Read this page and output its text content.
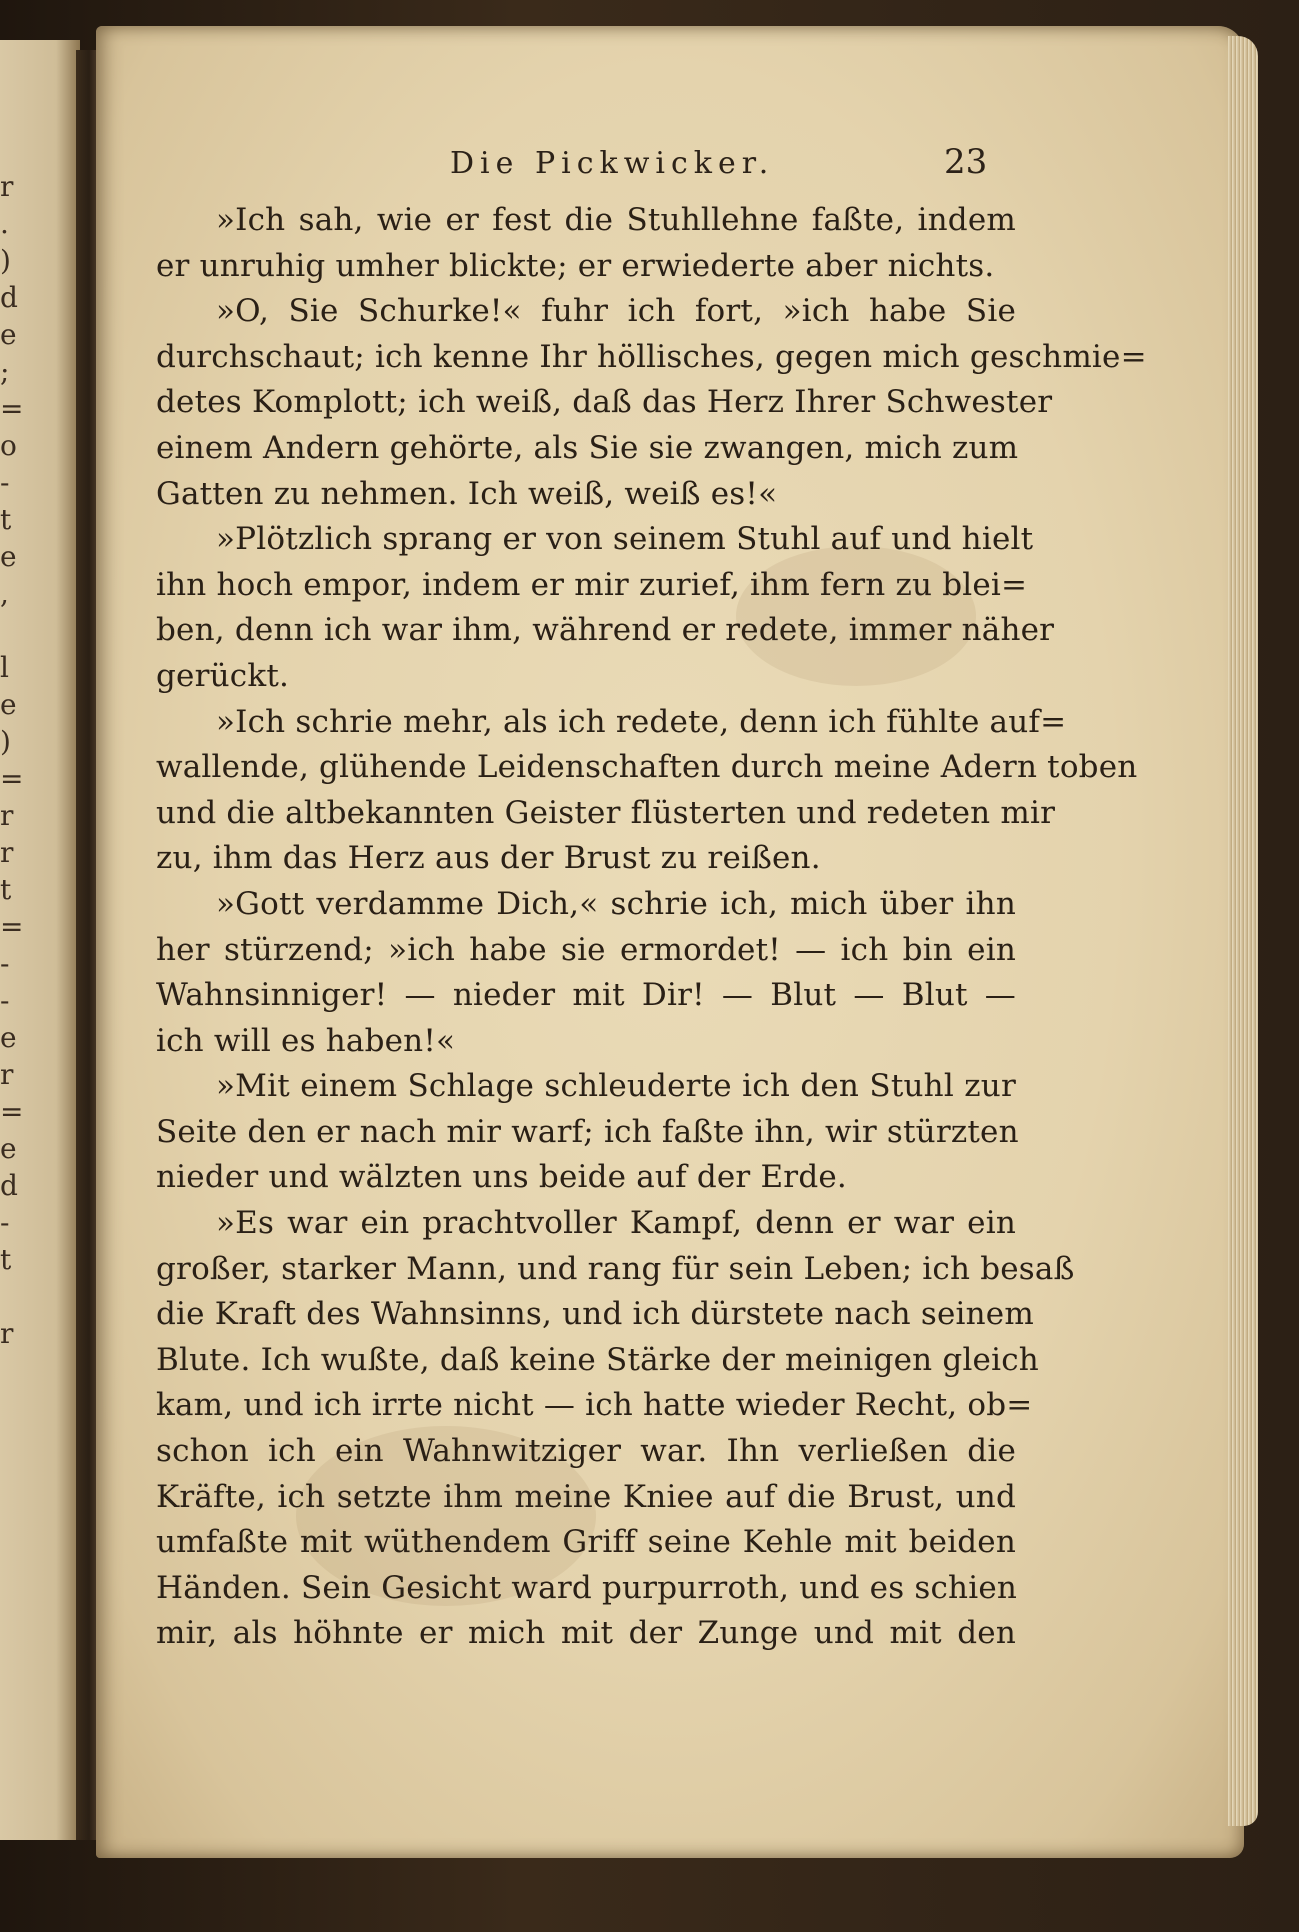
r
.
)
d
e
;
=
o
-
t
e
,
l
e
)
=
r
r
t
=
-
-
e
r
=
e
d
-
t
r
Die Pickwicker.	23
»Ich sah, wie er fest die Stuhllehne faßte, indem
er unruhig umher blickte; er erwiederte aber nichts.
»O, Sie Schurke!« fuhr ich fort, »ich habe Sie
durchschaut; ich kenne Ihr höllisches, gegen mich geschmie=
detes Komplott; ich weiß, daß das Herz Ihrer Schwester
einem Andern gehörte, als Sie sie zwangen, mich zum
Gatten zu nehmen. Ich weiß, weiß es!«
»Plötzlich sprang er von seinem Stuhl auf und hielt
ihn hoch empor, indem er mir zurief, ihm fern zu blei=
ben, denn ich war ihm, während er redete, immer näher
gerückt.
»Ich schrie mehr, als ich redete, denn ich fühlte auf=
wallende, glühende Leidenschaften durch meine Adern toben
und die altbekannten Geister flüsterten und redeten mir
zu, ihm das Herz aus der Brust zu reißen.
»Gott verdamme Dich,« schrie ich, mich über ihn
her stürzend; »ich habe sie ermordet! — ich bin ein
Wahnsinniger! — nieder mit Dir! — Blut — Blut —
ich will es haben!«
»Mit einem Schlage schleuderte ich den Stuhl zur
Seite den er nach mir warf; ich faßte ihn, wir stürzten
nieder und wälzten uns beide auf der Erde.
»Es war ein prachtvoller Kampf, denn er war ein
großer, starker Mann, und rang für sein Leben; ich besaß
die Kraft des Wahnsinns, und ich dürstete nach seinem
Blute. Ich wußte, daß keine Stärke der meinigen gleich
kam, und ich irrte nicht — ich hatte wieder Recht, ob=
schon ich ein Wahnwitziger war. Ihn verließen die
Kräfte, ich setzte ihm meine Kniee auf die Brust, und
umfaßte mit wüthendem Griff seine Kehle mit beiden
Händen. Sein Gesicht ward purpurroth, und es schien
mir, als höhnte er mich mit der Zunge und mit den
